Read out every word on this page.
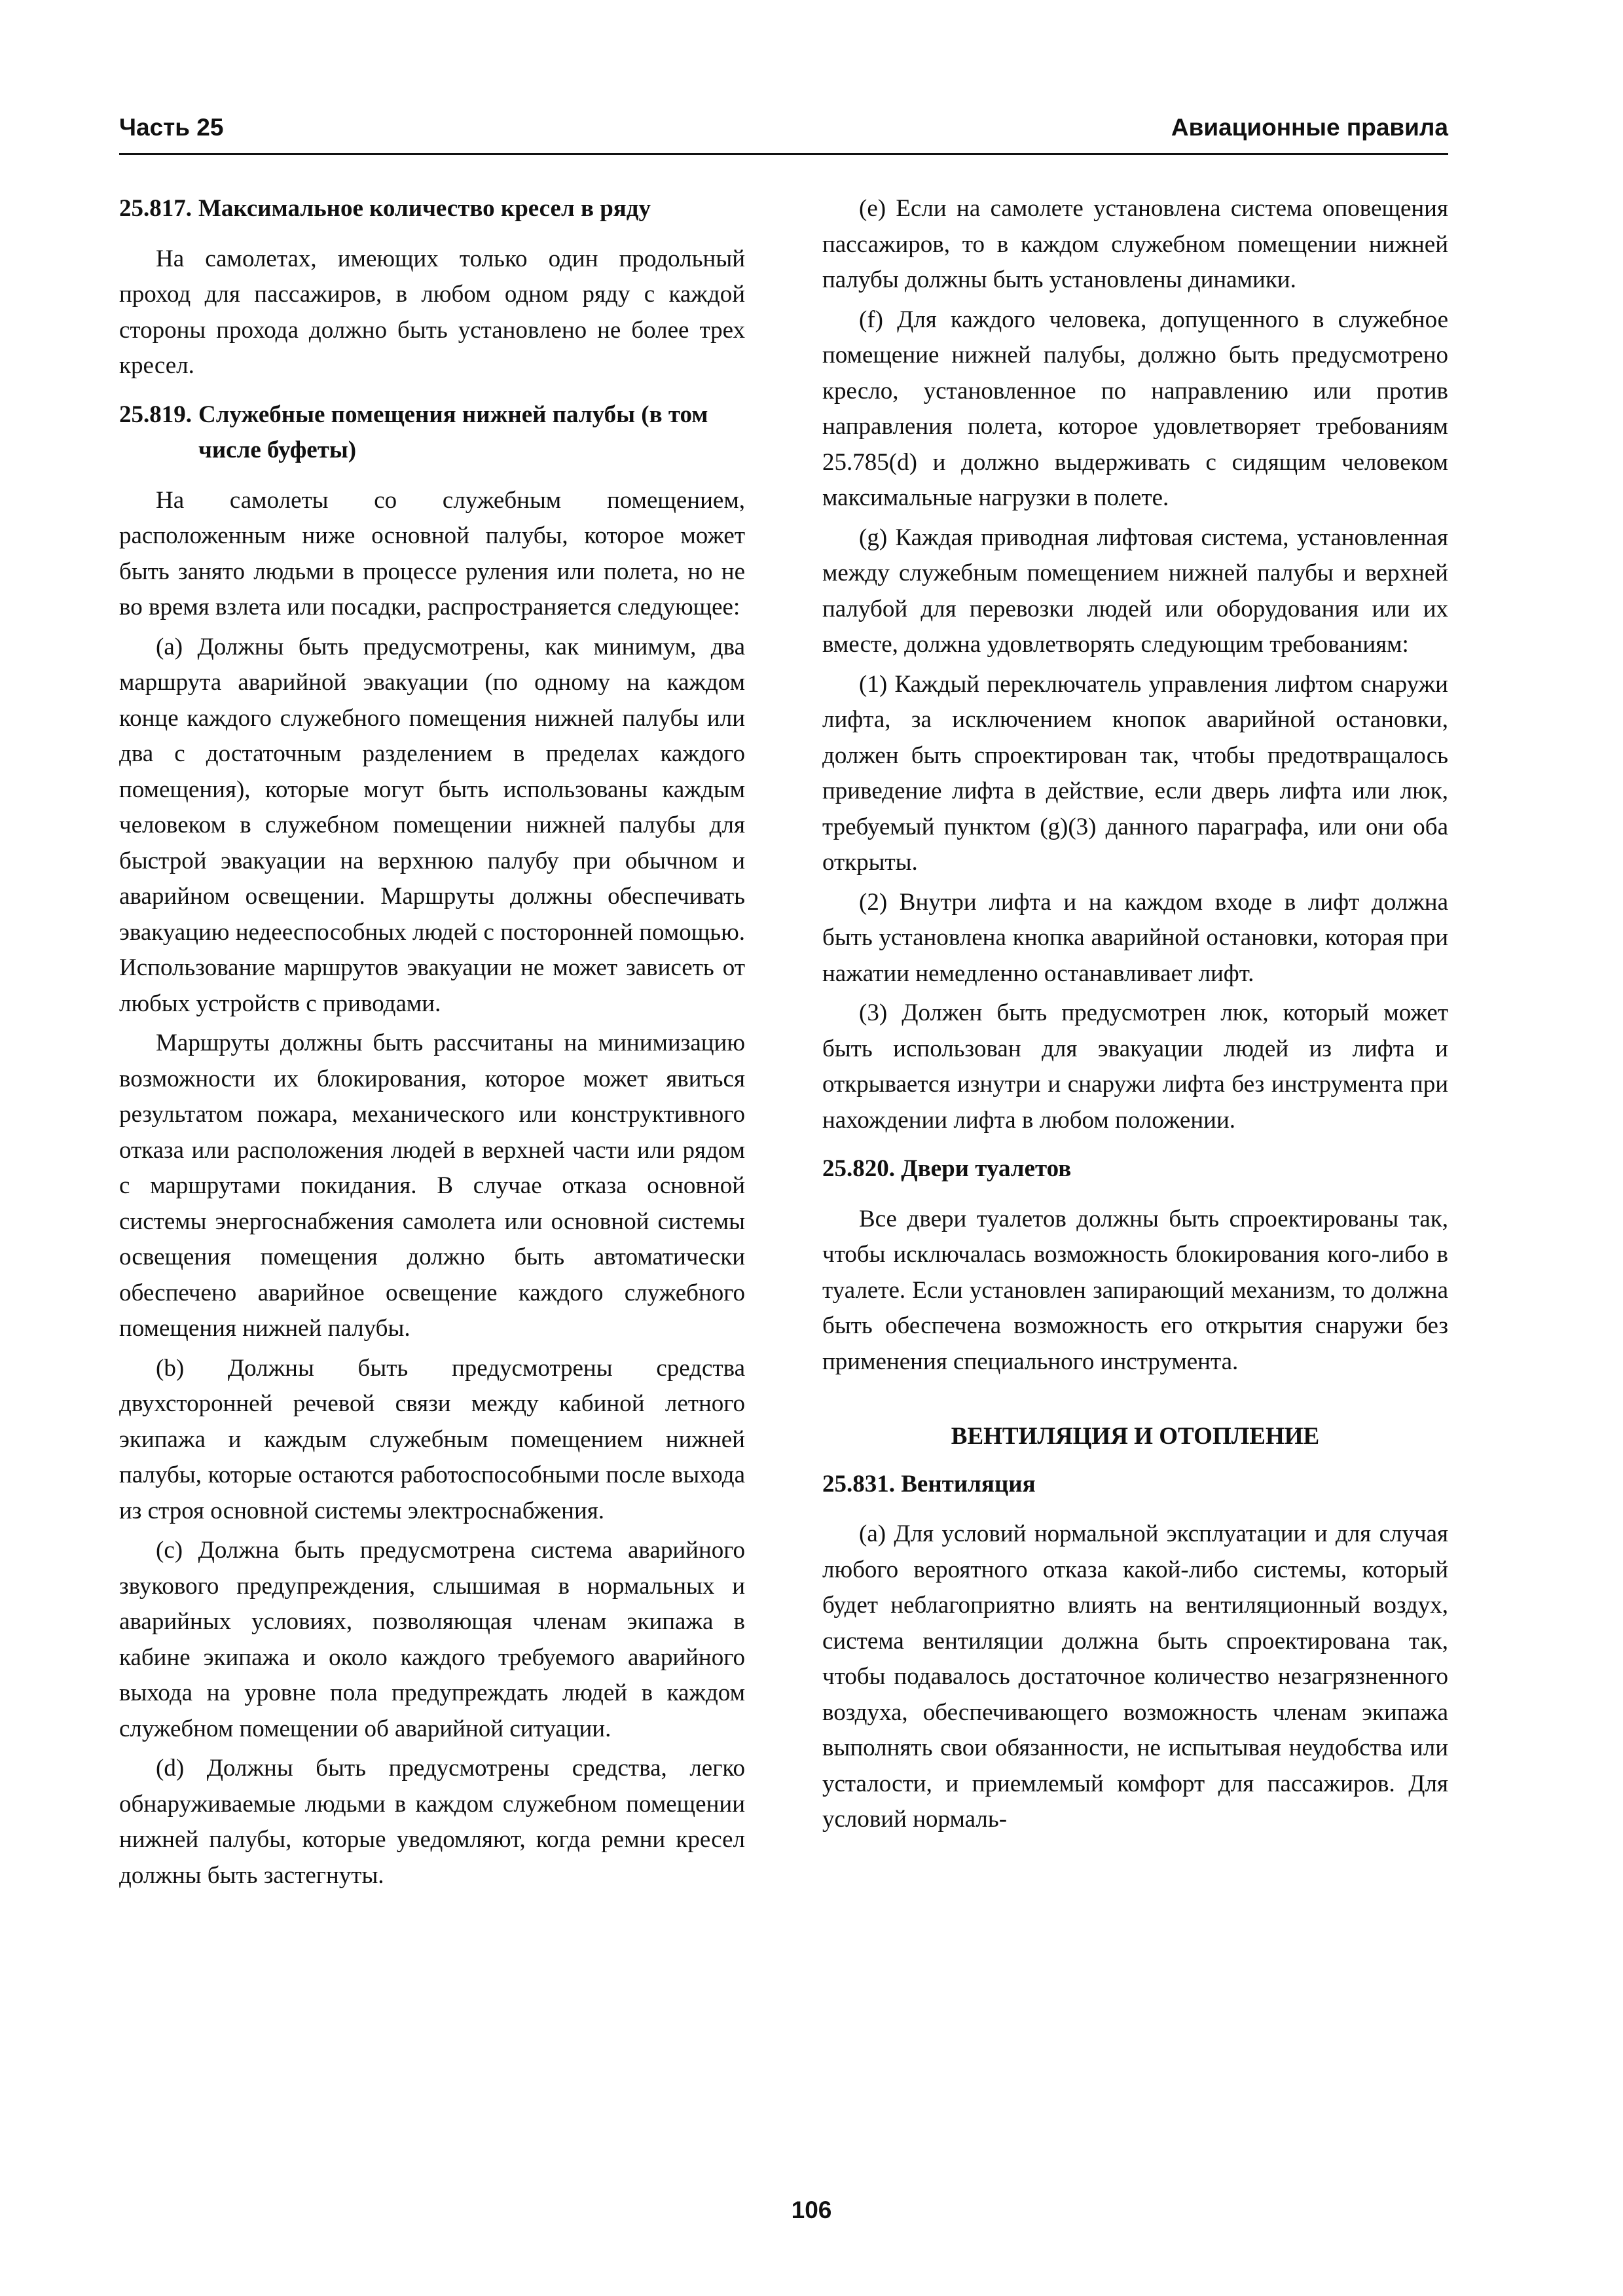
Часть 25	Авиационные правила
25.817. Максимальное количество кресел в ряду

На самолетах, имеющих только один продольный проход для пассажиров, в любом одном ряду с каждой стороны прохода должно быть установлено не более трех кресел.

25.819. Служебные помещения нижней палубы (в том числе буфеты)

На самолеты со служебным помещением, расположенным ниже основной палубы, которое может быть занято людьми в процессе руления или полета, но не во время взлета или посадки, распространяется следующее:

(a) Должны быть предусмотрены, как минимум, два маршрута аварийной эвакуации (по одному на каждом конце каждого служебного помещения нижней палубы или два с достаточным разделением в пределах каждого помещения), которые могут быть использованы каждым человеком в служебном помещении нижней палубы для быстрой эвакуации на верхнюю палубу при обычном и аварийном освещении. Маршруты должны обеспечивать эвакуацию недееспособных людей с посторонней помощью. Использование маршрутов эвакуации не может зависеть от любых устройств с приводами.

Маршруты должны быть рассчитаны на минимизацию возможности их блокирования, которое может явиться результатом пожара, механического или конструктивного отказа или расположения людей в верхней части или рядом с маршрутами покидания. В случае отказа основной системы энергоснабжения самолета или основной системы освещения помещения должно быть автоматически обеспечено аварийное освещение каждого служебного помещения нижней палубы.

(b) Должны быть предусмотрены средства двухсторонней речевой связи между кабиной летного экипажа и каждым служебным помещением нижней палубы, которые остаются работоспособными после выхода из строя основной системы электроснабжения.

(c) Должна быть предусмотрена система аварийного звукового предупреждения, слышимая в нормальных и аварийных условиях, позволяющая членам экипажа в кабине экипажа и около каждого требуемого аварийного выхода на уровне пола предупреждать людей в каждом служебном помещении об аварийной ситуации.

(d) Должны быть предусмотрены средства, легко обнаруживаемые людьми в каждом служебном помещении нижней палубы, которые уведомляют, когда ремни кресел должны быть застегнуты.

(e) Если на самолете установлена система оповещения пассажиров, то в каждом служебном помещении нижней палубы должны быть установлены динамики.

(f) Для каждого человека, допущенного в служебное помещение нижней палубы, должно быть предусмотрено кресло, установленное по направлению или против направления полета, которое удовлетворяет требованиям 25.785(d) и должно выдерживать с сидящим человеком максимальные нагрузки в полете.

(g) Каждая приводная лифтовая система, установленная между служебным помещением нижней палубы и верхней палубой для перевозки людей или оборудования или их вместе, должна удовлетворять следующим требованиям:

(1) Каждый переключатель управления лифтом снаружи лифта, за исключением кнопок аварийной остановки, должен быть спроектирован так, чтобы предотвращалось приведение лифта в действие, если дверь лифта или люк, требуемый пунктом (g)(3) данного параграфа, или они оба открыты.

(2) Внутри лифта и на каждом входе в лифт должна быть установлена кнопка аварийной остановки, которая при нажатии немедленно останавливает лифт.

(3) Должен быть предусмотрен люк, который может быть использован для эвакуации людей из лифта и открывается изнутри и снаружи лифта без инструмента при нахождении лифта в любом положении.

25.820. Двери туалетов

Все двери туалетов должны быть спроектированы так, чтобы исключалась возможность блокирования кого-либо в туалете. Если установлен запирающий механизм, то должна быть обеспечена возможность его открытия снаружи без применения специального инструмента.

ВЕНТИЛЯЦИЯ И ОТОПЛЕНИЕ
25.831. Вентиляция

(a) Для условий нормальной эксплуатации и для случая любого вероятного отказа какой-либо системы, который будет неблагоприятно влиять на вентиляционный воздух, система вентиляции должна быть спроектирована так, чтобы подавалось достаточное количество незагрязненного воздуха, обеспечивающего возможность членам экипажа выполнять свои обязанности, не испытывая неудобства или усталости, и приемлемый комфорт для пассажиров. Для условий нормаль-

106
